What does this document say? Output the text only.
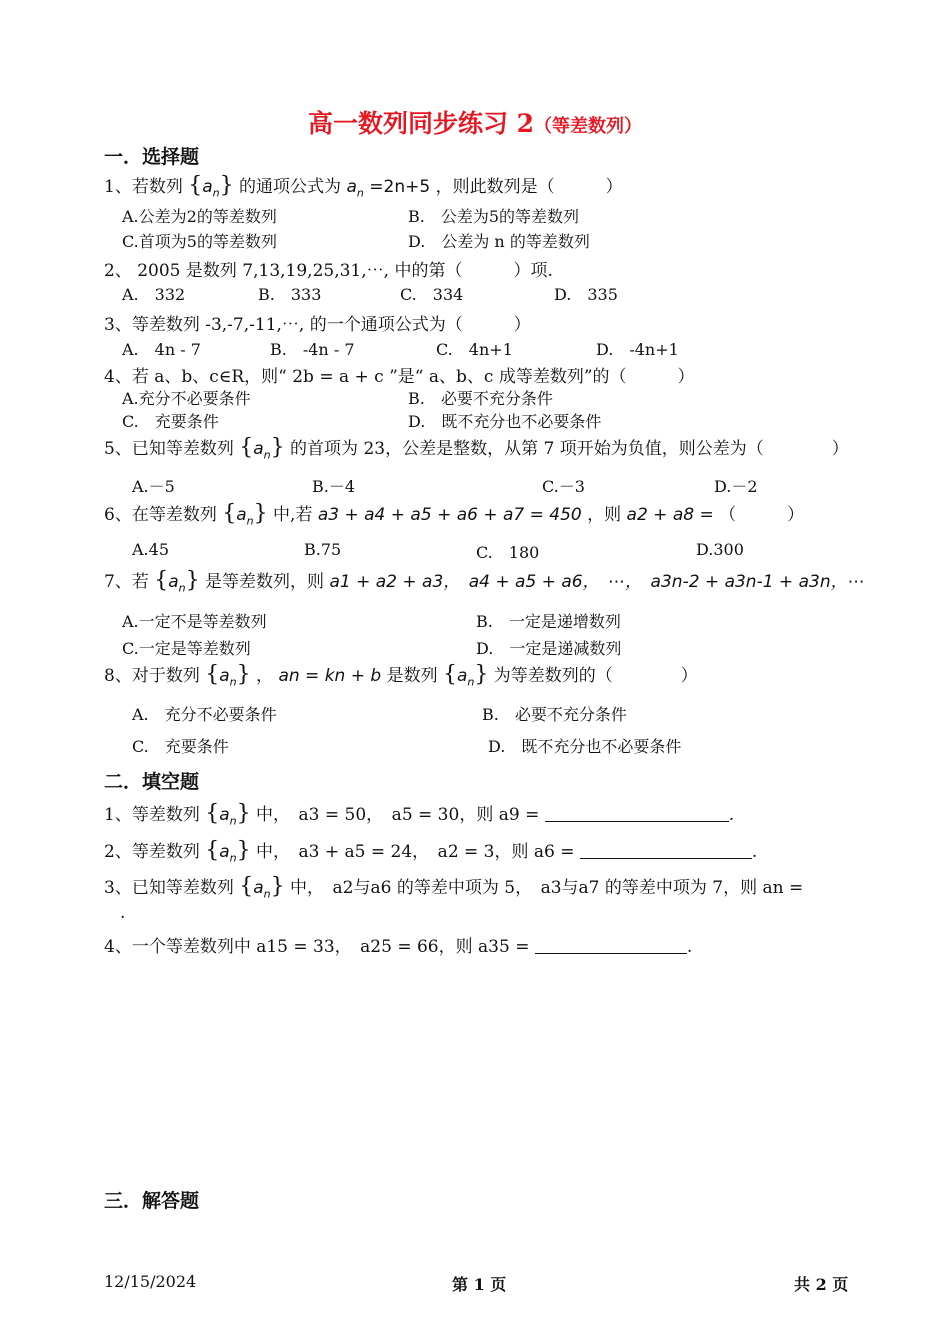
高一数列同步练习 2（等差数列）
一．选择题
1、若数列 $\{a_n\}$ 的通项公式为 $a_n =2n+5$ ，则此数列是（　　　）
A.公差为2的等差数列	B.　公差为5的等差数列
C.首项为5的等差数列	D.　公差为 n 的等差数列
2、 2005 是数列 7,13,19,25,31,⋯, 中的第（　　　）项.
A.　332	B.　333	C.　334	D.　335
3、等差数列 -3,-7,-11,⋯, 的一个通项公式为（　　　）
A.　4n - 7	B.　-4n - 7	C.　4n+1	D.　-4n+1
4、若 a、b、c∈R，则“ 2b = a + c ”是“ a、b、c 成等差数列”的（　　　）
A.充分不必要条件	B.　必要不充分条件
C.　充要条件	D.　既不充分也不必要条件
5、已知等差数列 $\{a_n\}$ 的首项为 23，公差是整数，从第 7 项开始为负值，则公差为（　　　　）
A.－5	B.－4	C.－3	D.－2
6、在等差数列 $\{a_n\}$ 中,若 a3 + a4 + a5 + a6 + a7 = 450 ，则 a2 + a8 = （　　　）
A.45	B.75	C.　180	D.300
7、若 $\{a_n\}$ 是等差数列，则 a1 + a2 + a3，　a4 + a5 + a6，　⋯，　a3n-2 + a3n-1 + a3n，⋯
A.一定不是等差数列	B.　一定是递增数列
C.一定是等差数列	D.　一定是递减数列
8、对于数列 $\{a_n\}$ ， an = kn + b 是数列 $\{a_n\}$ 为等差数列的（　　　　）
A.　充分不必要条件	B.　必要不充分条件
C.　充要条件	D.　既不充分也不必要条件
二．填空题
1、等差数列 $\{a_n\}$ 中，　a3 = 50，　a5 = 30，则 a9 =	.
2、等差数列 $\{a_n\}$ 中，　a3 + a5 = 24，　a2 = 3，则 a6 =	.
3、已知等差数列 $\{a_n\}$ 中，　a2与a6 的等差中项为 5，　a3与a7 的等差中项为 7，则 an =
.
4、一个等差数列中 a15 = 33，　a25 = 66，则 a35 =	.
三．解答题
12/15/2024	第 1 页	共 2 页
